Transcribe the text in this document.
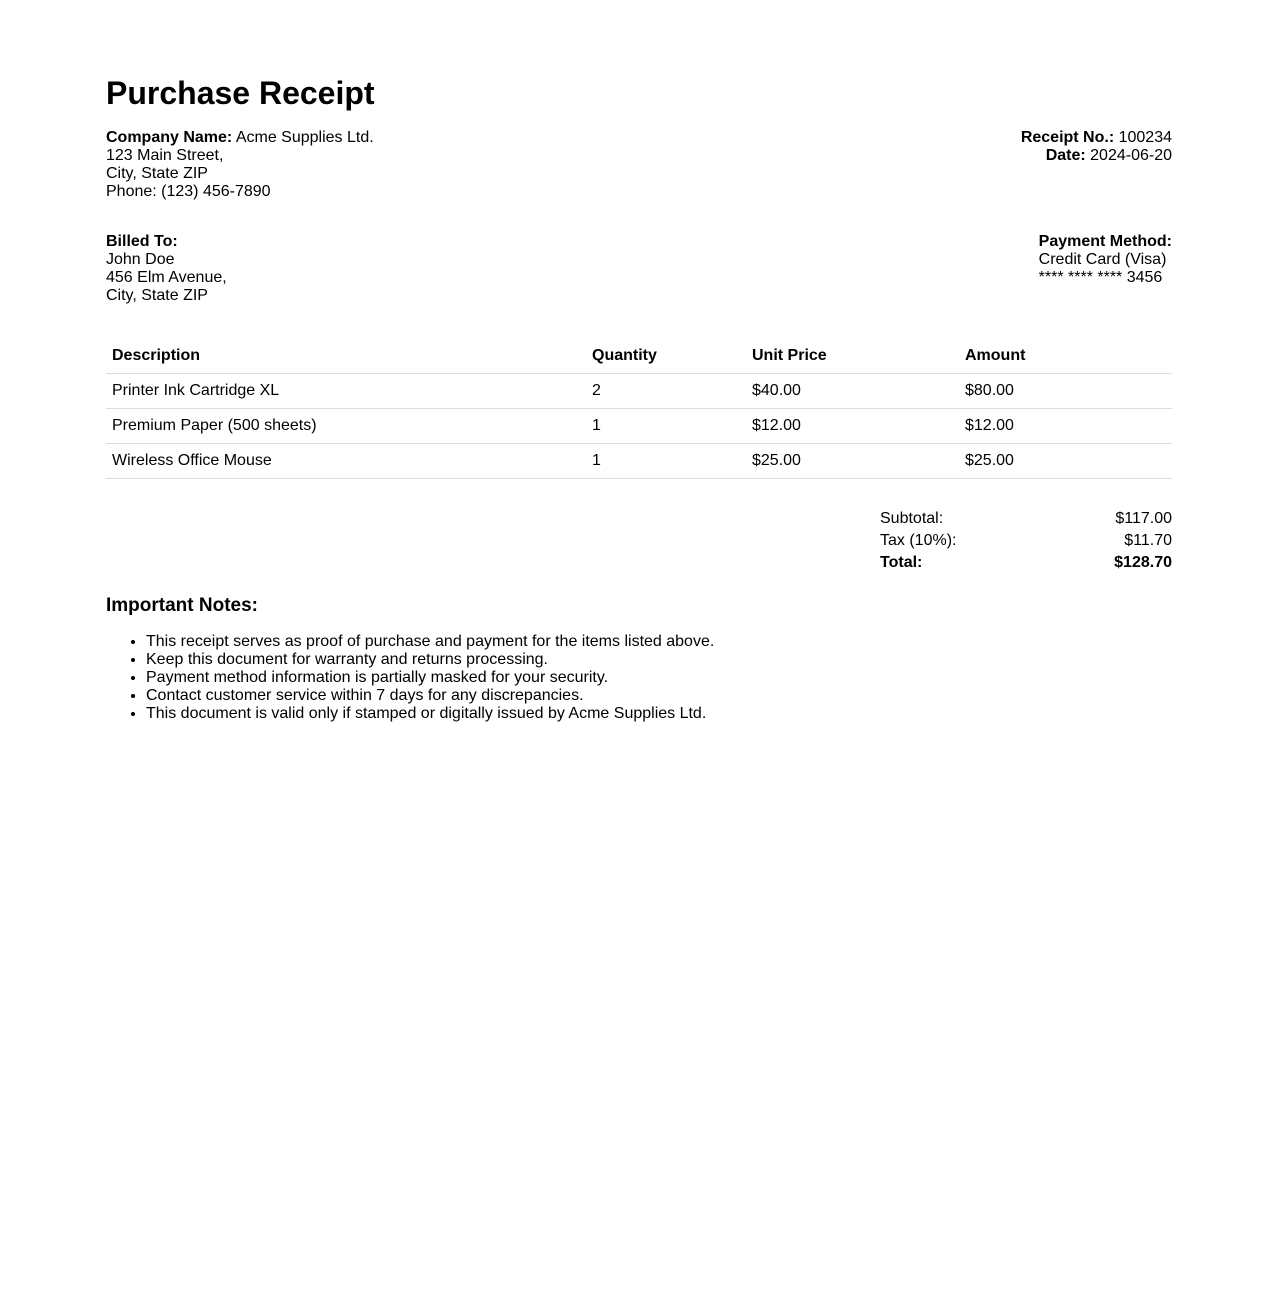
Purchase Receipt
Company Name: Acme Supplies Ltd.
123 Main Street,
City, State ZIP
Phone: (123) 456-7890
Receipt No.: 100234
Date: 2024-06-20
Billed To:
John Doe
456 Elm Avenue,
City, State ZIP
Payment Method:
Credit Card (Visa)
**** **** **** 3456
Description	Quantity	Unit Price	Amount
Printer Ink Cartridge XL	2	$40.00	$80.00
Premium Paper (500 sheets)	1	$12.00	$12.00
Wireless Office Mouse	1	$25.00	$25.00
Subtotal:	$117.00
Tax (10%):	$11.70
Total:	$128.70
Important Notes:
• This receipt serves as proof of purchase and payment for the items listed above.
• Keep this document for warranty and returns processing.
• Payment method information is partially masked for your security.
• Contact customer service within 7 days for any discrepancies.
• This document is valid only if stamped or digitally issued by Acme Supplies Ltd.
